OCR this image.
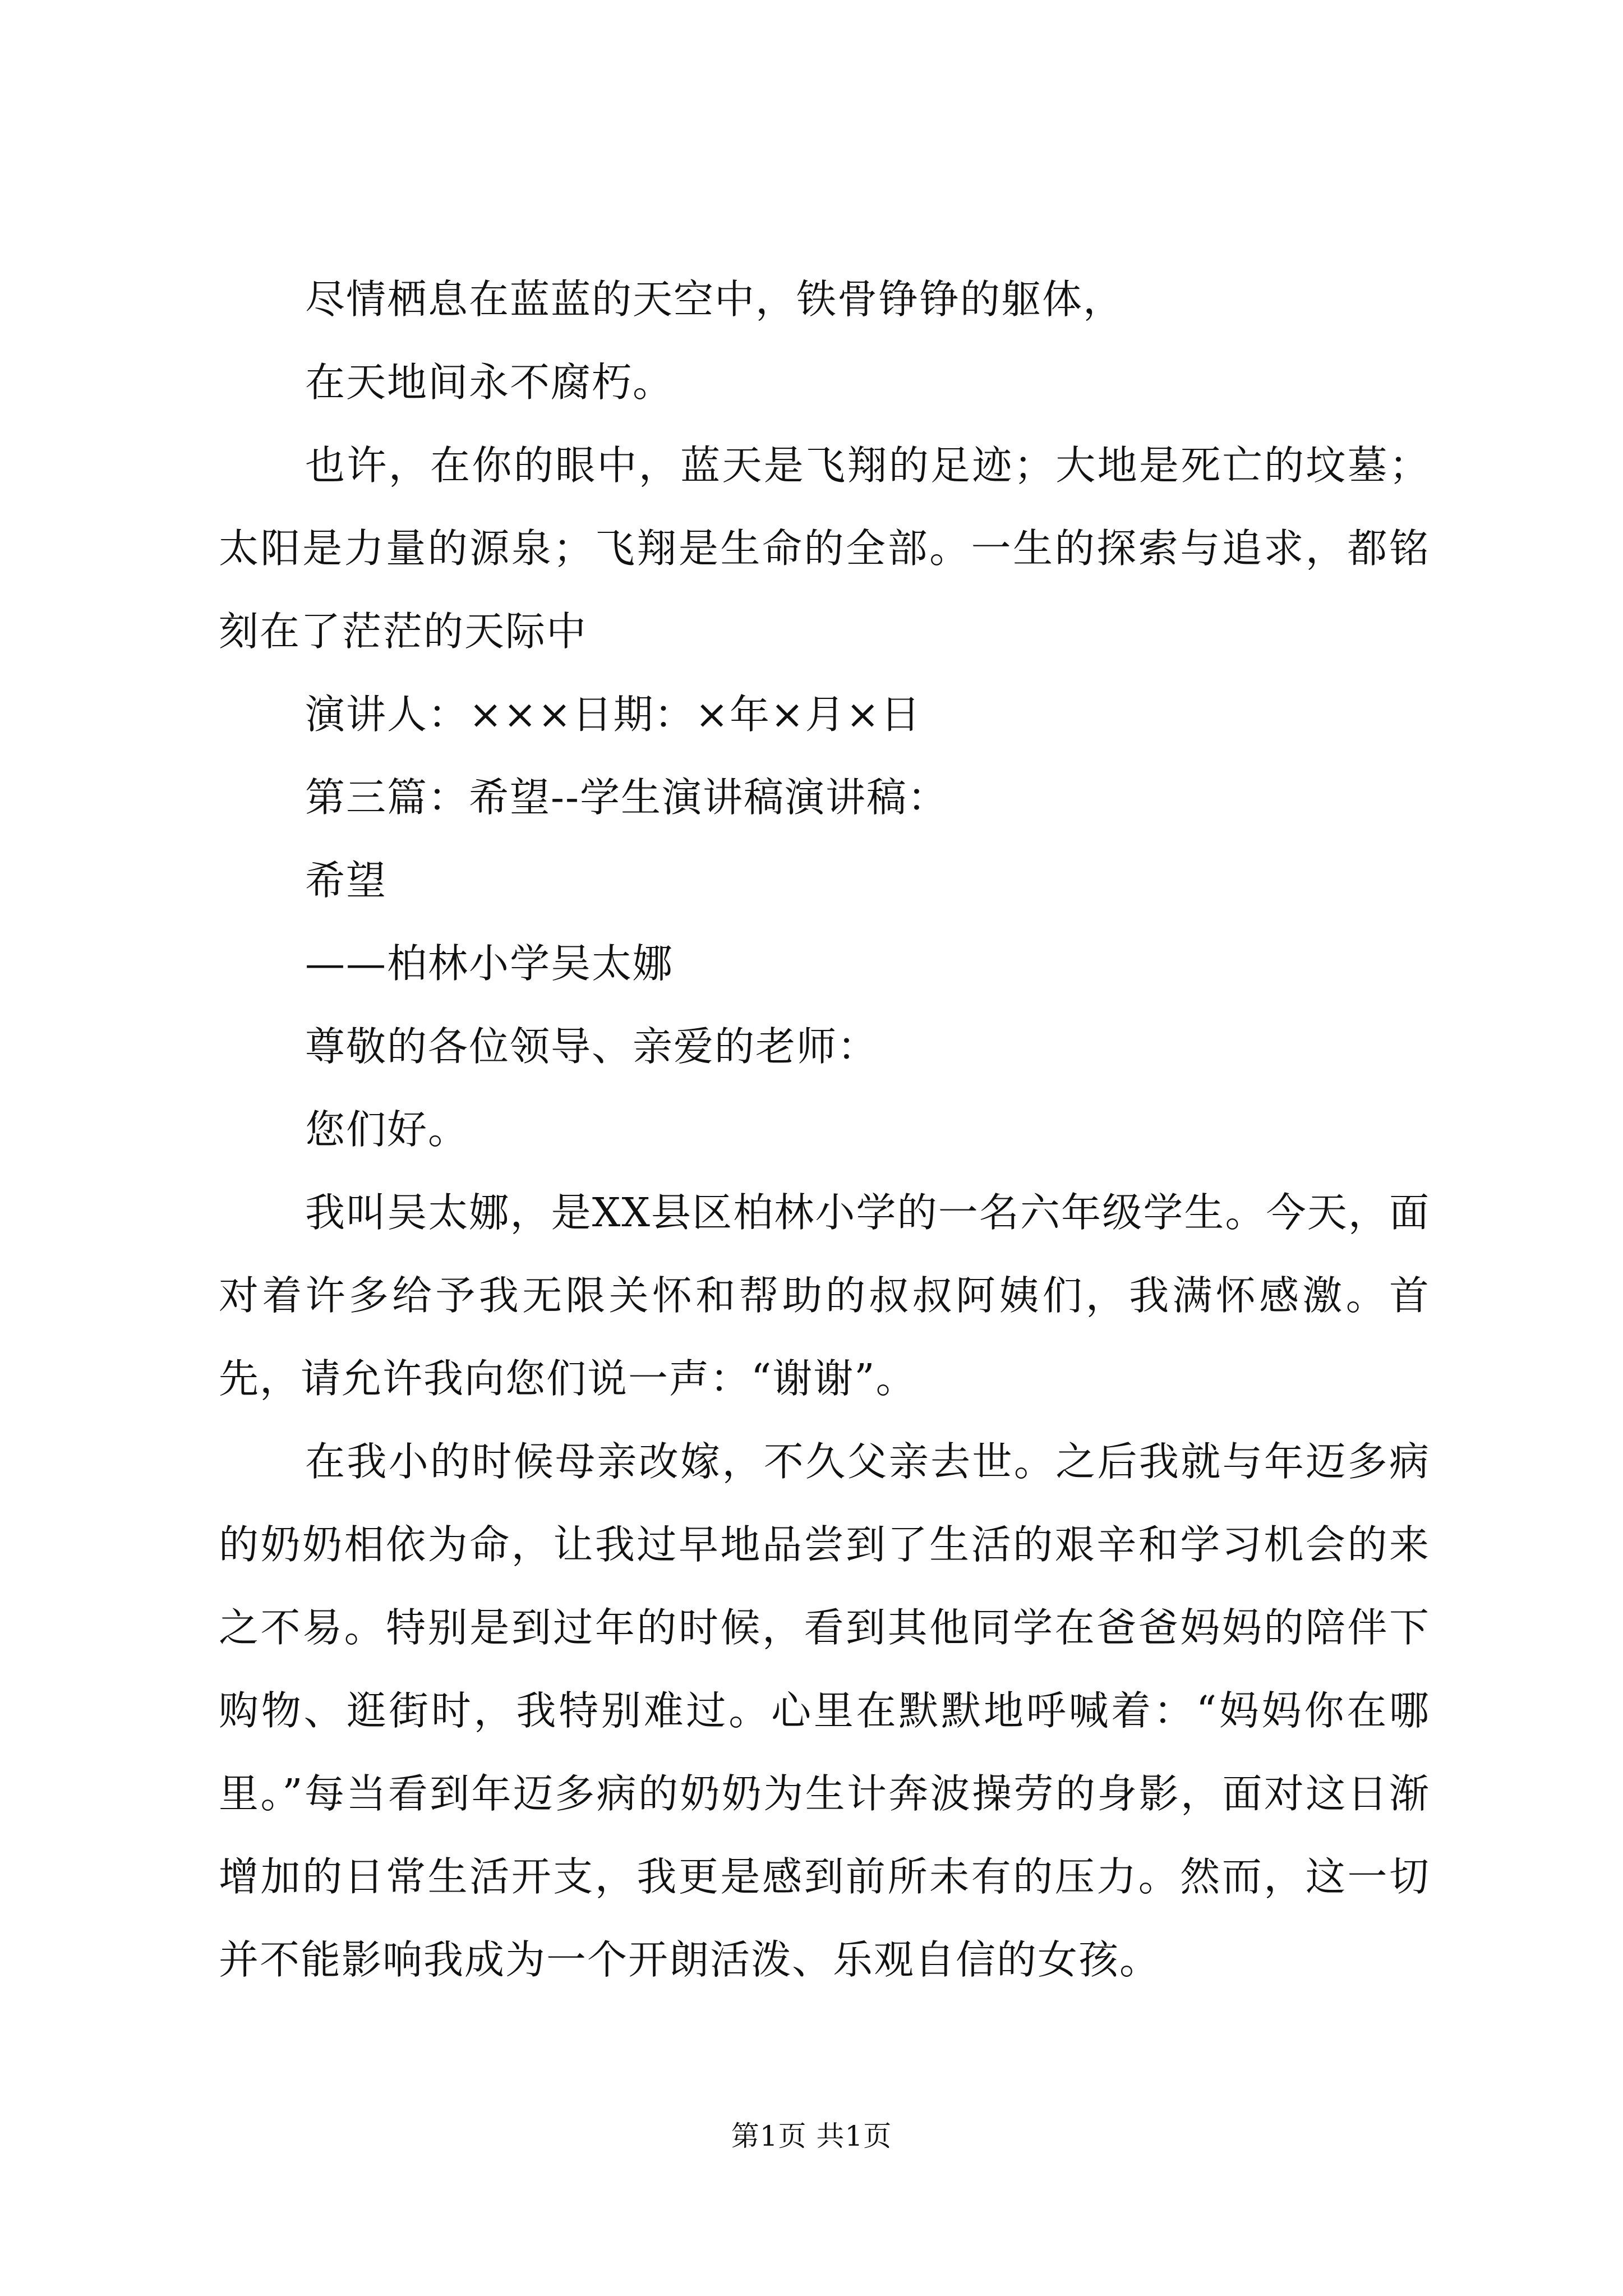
尽情栖息在蓝蓝的天空中，铁骨铮铮的躯体，

在天地间永不腐朽。

也许，在你的眼中，蓝天是飞翔的足迹；大地是死亡的坟墓；太阳是力量的源泉；飞翔是生命的全部。一生的探索与追求，都铭刻在了茫茫的天际中

演讲人：×××日期：×年×月×日

第三篇：希望--学生演讲稿演讲稿：

希望

——柏林小学吴太娜

尊敬的各位领导、亲爱的老师：

您们好。

我叫吴太娜，是XX县区柏林小学的一名六年级学生。今天，面对着许多给予我无限关怀和帮助的叔叔阿姨们，我满怀感激。首先，请允许我向您们说一声：“谢谢”。

在我小的时候母亲改嫁，不久父亲去世。之后我就与年迈多病的奶奶相依为命，让我过早地品尝到了生活的艰辛和学习机会的来之不易。特别是到过年的时候，看到其他同学在爸爸妈妈的陪伴下购物、逛街时，我特别难过。心里在默默地呼喊着：“妈妈你在哪里。”每当看到年迈多病的奶奶为生计奔波操劳的身影，面对这日渐增加的日常生活开支，我更是感到前所未有的压力。然而，这一切并不能影响我成为一个开朗活泼、乐观自信的女孩。

第1页 共1页
